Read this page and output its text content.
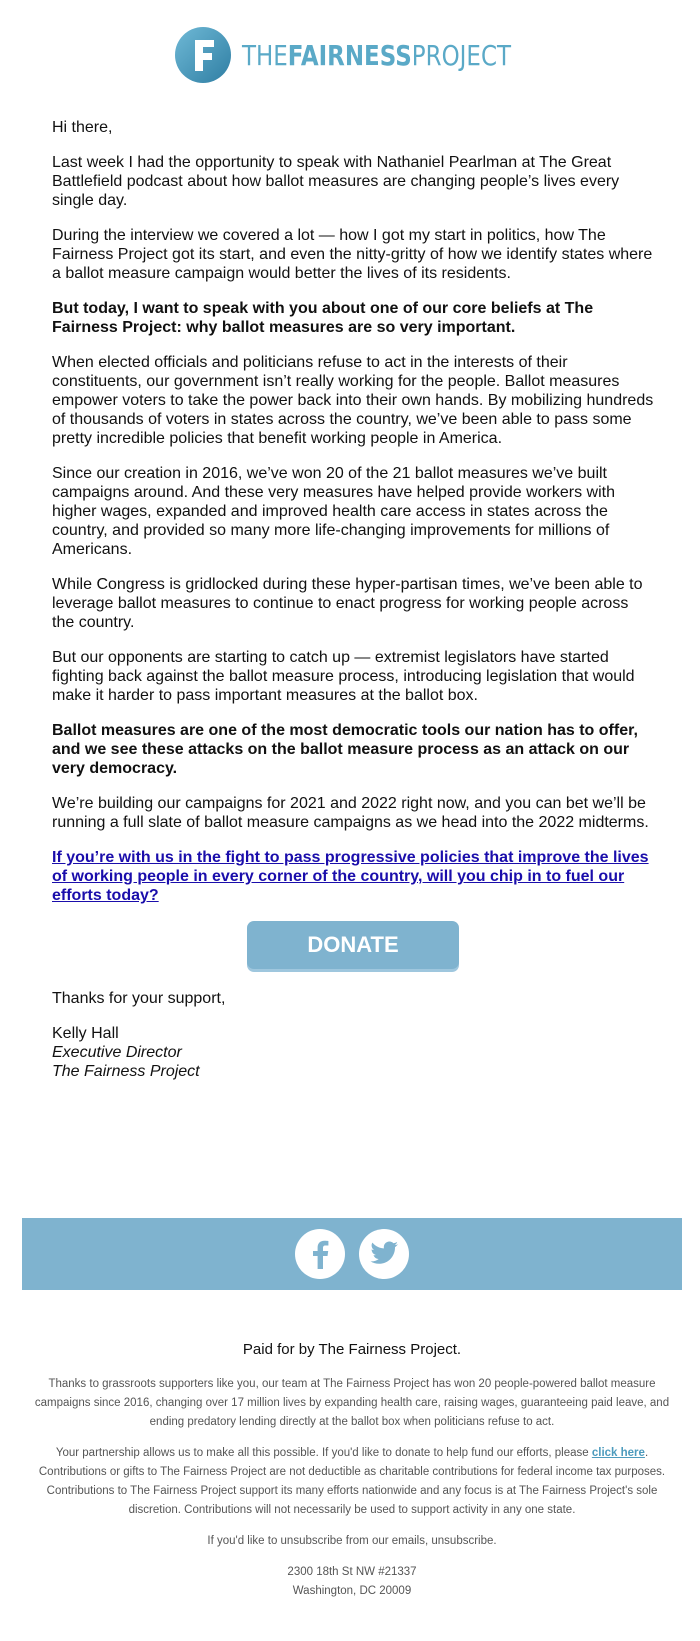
THEFAIRNESSPROJECT

Hi there,

Last week I had the opportunity to speak with Nathaniel Pearlman at The Great Battlefield podcast about how ballot measures are changing people’s lives every single day.

During the interview we covered a lot — how I got my start in politics, how The Fairness Project got its start, and even the nitty-gritty of how we identify states where a ballot measure campaign would better the lives of its residents.

But today, I want to speak with you about one of our core beliefs at The Fairness Project: why ballot measures are so very important.

When elected officials and politicians refuse to act in the interests of their constituents, our government isn’t really working for the people. Ballot measures empower voters to take the power back into their own hands. By mobilizing hundreds of thousands of voters in states across the country, we’ve been able to pass some pretty incredible policies that benefit working people in America.

Since our creation in 2016, we’ve won 20 of the 21 ballot measures we’ve built campaigns around. And these very measures have helped provide workers with higher wages, expanded and improved health care access in states across the country, and provided so many more life-changing improvements for millions of Americans.

While Congress is gridlocked during these hyper-partisan times, we’ve been able to leverage ballot measures to continue to enact progress for working people across the country.

But our opponents are starting to catch up — extremist legislators have started fighting back against the ballot measure process, introducing legislation that would make it harder to pass important measures at the ballot box.

Ballot measures are one of the most democratic tools our nation has to offer, and we see these attacks on the ballot measure process as an attack on our very democracy.

We’re building our campaigns for 2021 and 2022 right now, and you can bet we’ll be running a full slate of ballot measure campaigns as we head into the 2022 midterms.

If you’re with us in the fight to pass progressive policies that improve the lives of working people in every corner of the country, will you chip in to fuel our efforts today?

DONATE

Thanks for your support,

Kelly Hall
Executive Director
The Fairness Project
Paid for by The Fairness Project.

Thanks to grassroots supporters like you, our team at The Fairness Project has won 20 people-powered ballot measure campaigns since 2016, changing over 17 million lives by expanding health care, raising wages, guaranteeing paid leave, and ending predatory lending directly at the ballot box when politicians refuse to act.

Your partnership allows us to make all this possible. If you'd like to donate to help fund our efforts, please click here. Contributions or gifts to The Fairness Project are not deductible as charitable contributions for federal income tax purposes. Contributions to The Fairness Project support its many efforts nationwide and any focus is at The Fairness Project's sole discretion. Contributions will not necessarily be used to support activity in any one state.

If you'd like to unsubscribe from our emails, unsubscribe.

2300 18th St NW #21337
Washington, DC 20009
